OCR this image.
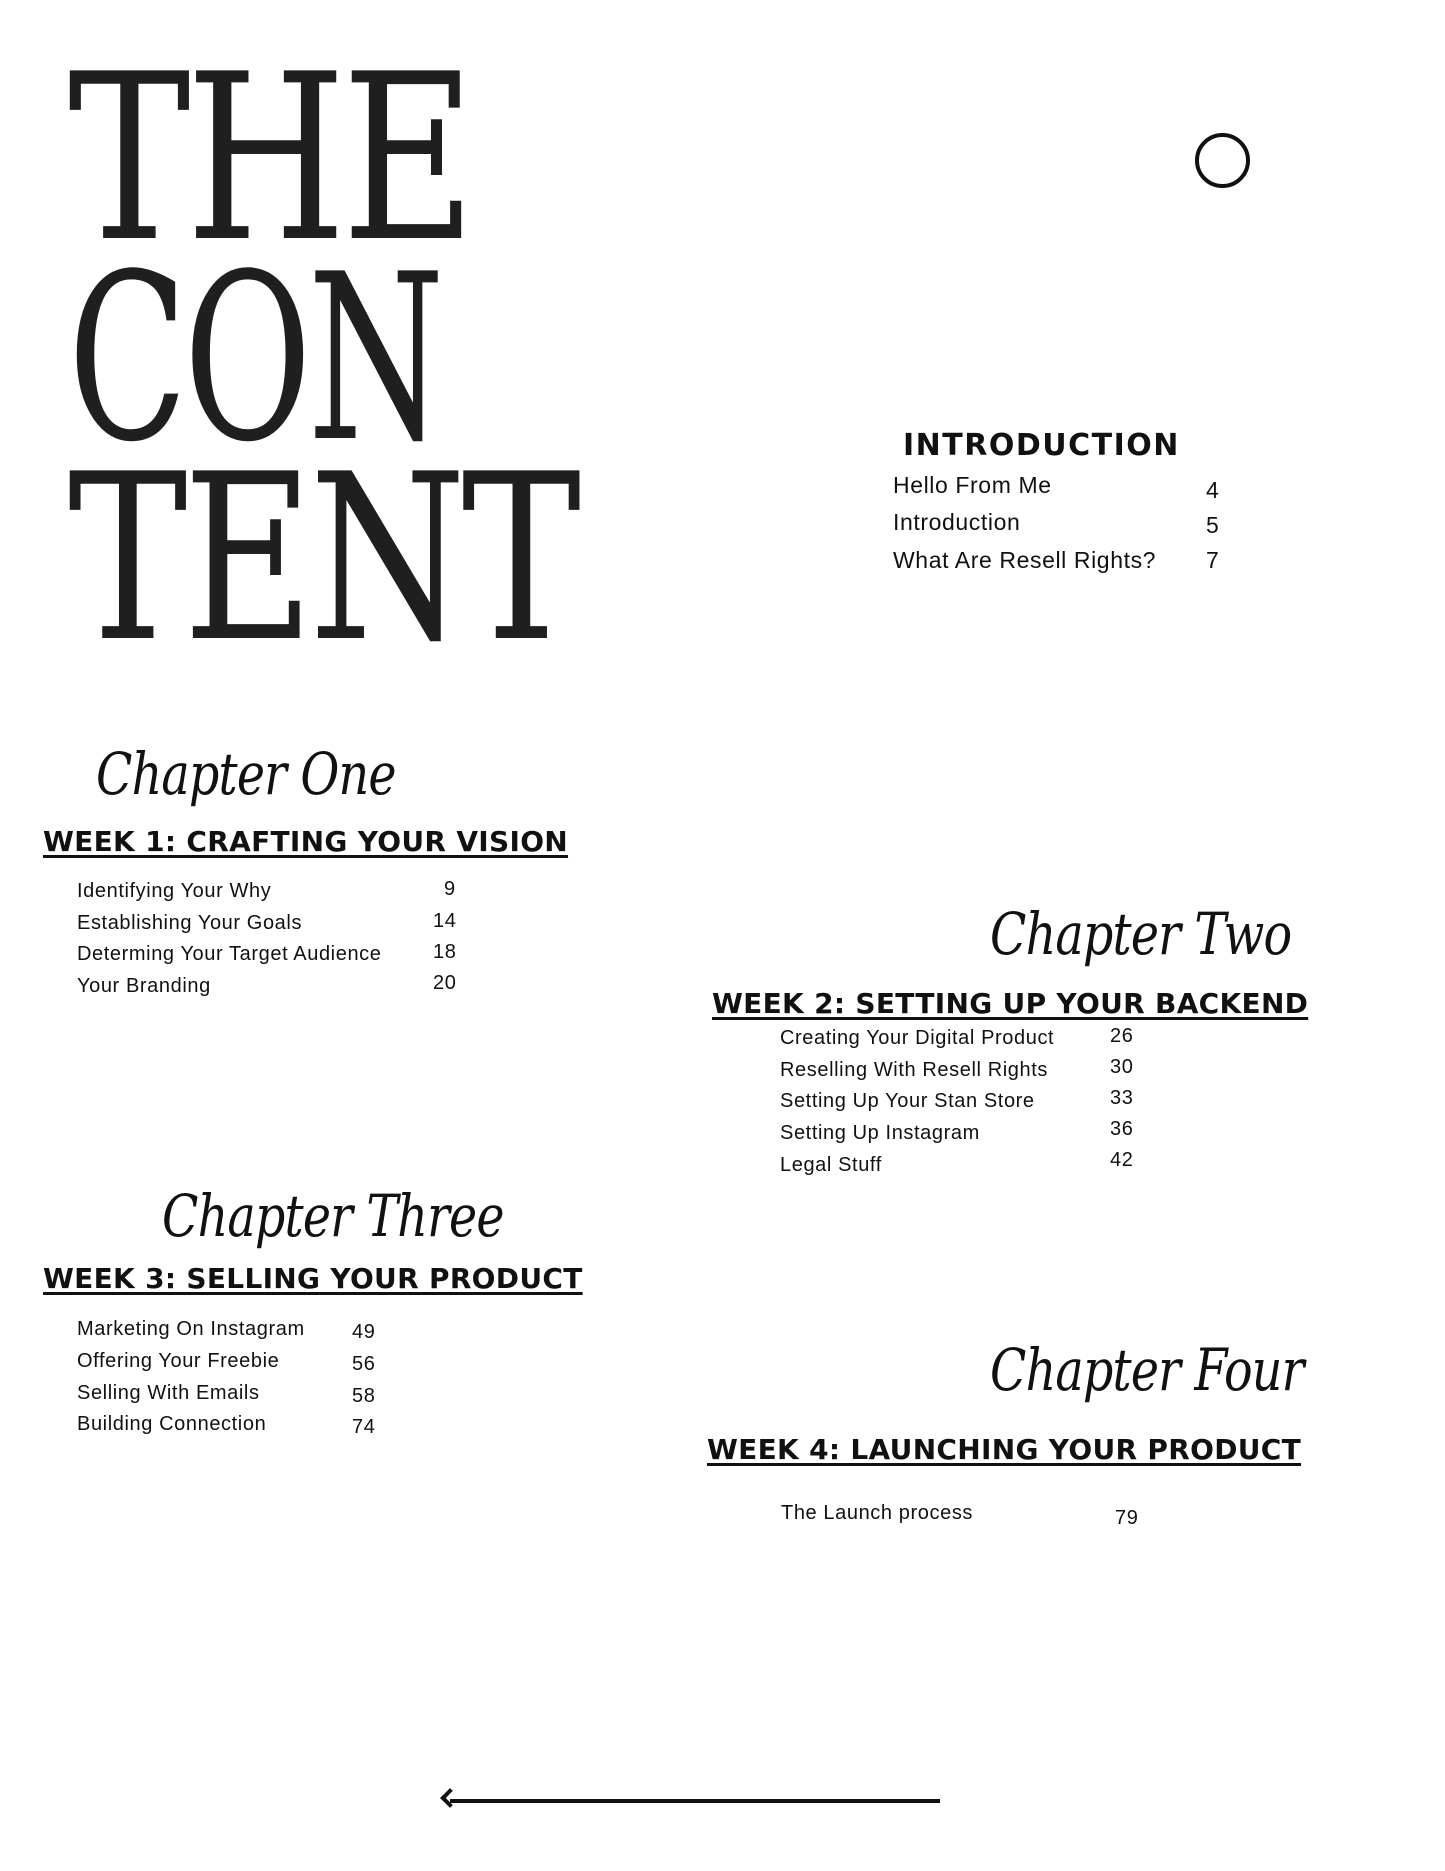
THE
CON
TENT	INTRODUCTION
Hello From Me	4
Introduction	5
What Are Resell Rights? 7
Chapter One
WEEK 1: CRAFTING YOUR VISION
Identifying Your Why	9
Establishing Your Goals	14
Determing Your Target Audience	18
Your Branding	20
Chapter Two
WEEK 2: SETTING UP YOUR BACKEND
Creating Your Digital Product	26
Reselling With Resell Rights	30
Setting Up Your Stan Store	33
Setting Up Instagram	36
Legal Stuff	42
Chapter Three
WEEK 3: SELLING YOUR PRODUCT
Marketing On Instagram 49
Offering Your Freebie	56
Selling With Emails	58
Building Connection	74
Chapter Four
WEEK 4: LAUNCHING YOUR PRODUCT
The Launch process	79
